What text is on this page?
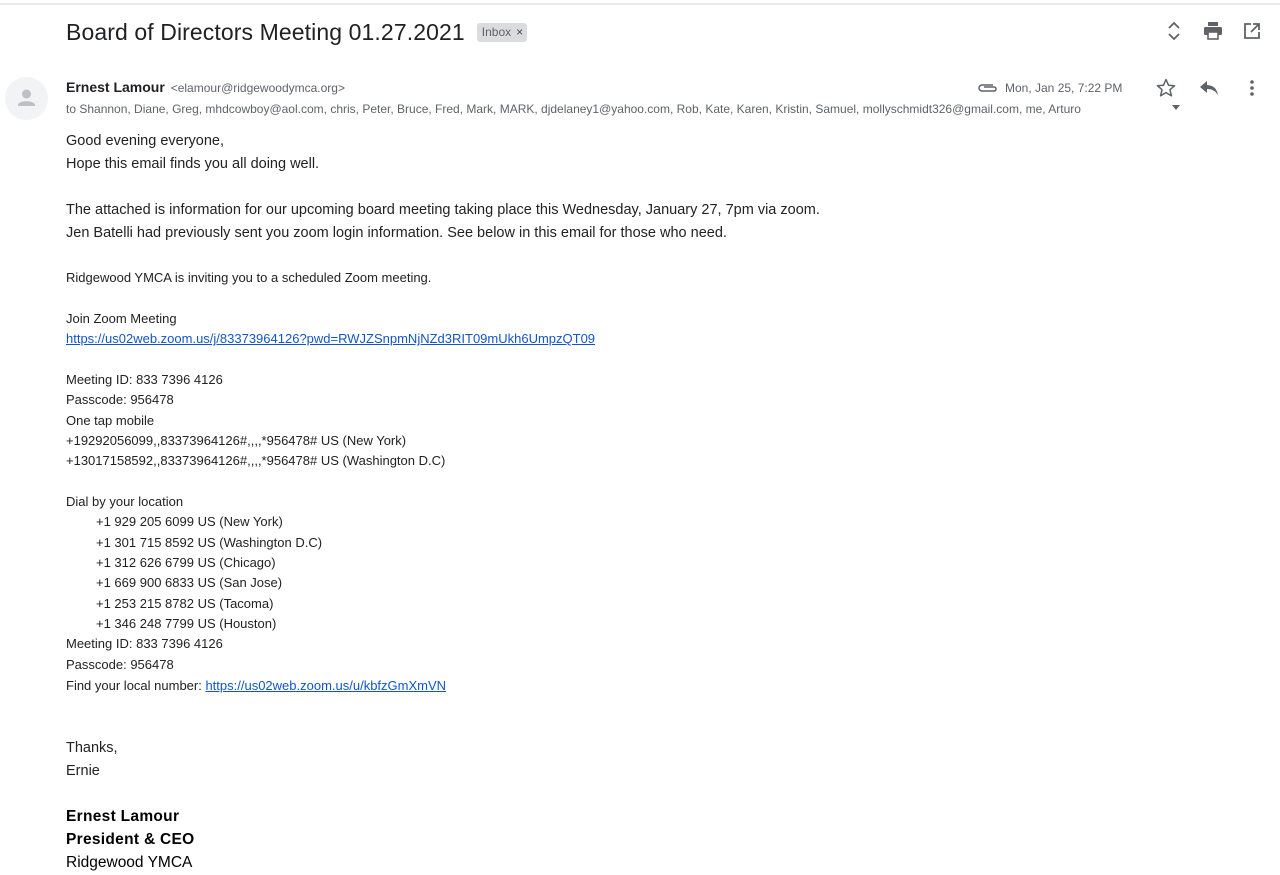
Board of Directors Meeting 01.27.2021 Inbox ×
Ernest Lamour <elamour@ridgewoodymca.org>	Mon, Jan 25, 7:22 PM
to Shannon, Diane, Greg, mhdcowboy@aol.com, chris, Peter, Bruce, Fred, Mark, MARK, djdelaney1@yahoo.com, Rob, Kate, Karen, Kristin, Samuel, mollyschmidt326@gmail.com, me, Arturo
Good evening everyone,
Hope this email finds you all doing well.
The attached is information for our upcoming board meeting taking place this Wednesday, January 27, 7pm via zoom.
Jen Batelli had previously sent you zoom login information. See below in this email for those who need.
Ridgewood YMCA is inviting you to a scheduled Zoom meeting.
Join Zoom Meeting
https://us02web.zoom.us/j/83373964126?pwd=RWJZSnpmNjNZd3RIT09mUkh6UmpzQT09
Meeting ID: 833 7396 4126
Passcode: 956478
One tap mobile
+19292056099,,83373964126#,,,,*956478# US (New York)
+13017158592,,83373964126#,,,,*956478# US (Washington D.C)
Dial by your location
+1 929 205 6099 US (New York)
+1 301 715 8592 US (Washington D.C)
+1 312 626 6799 US (Chicago)
+1 669 900 6833 US (San Jose)
+1 253 215 8782 US (Tacoma)
+1 346 248 7799 US (Houston)
Meeting ID: 833 7396 4126
Passcode: 956478
Find your local number: https://us02web.zoom.us/u/kbfzGmXmVN
Thanks,
Ernie
Ernest Lamour
President & CEO
Ridgewood YMCA
